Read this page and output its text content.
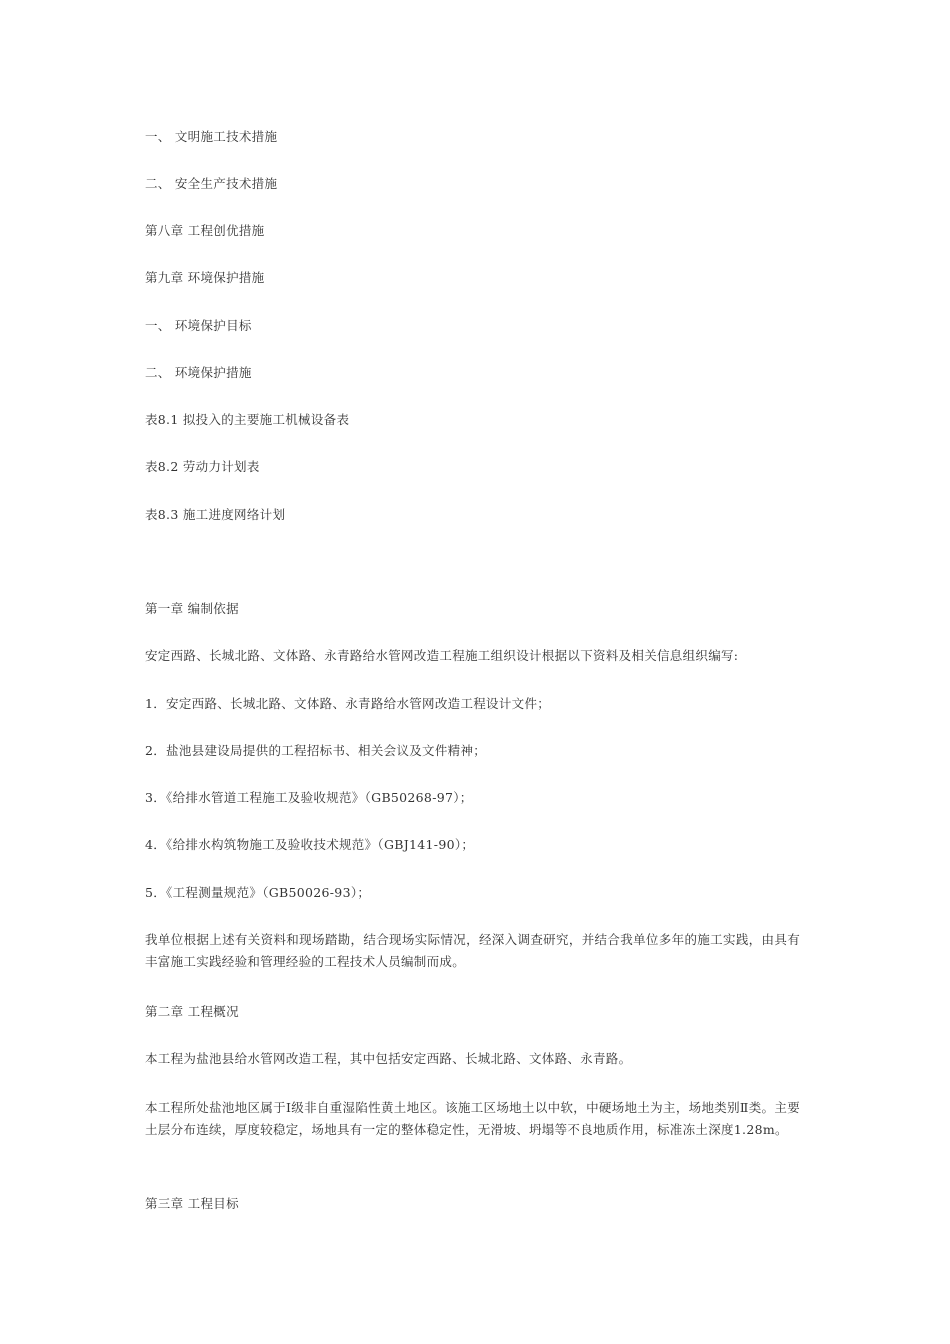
一、 文明施工技术措施
二、 安全生产技术措施
第八章 工程创优措施
第九章 环境保护措施
一、 环境保护目标
二、 环境保护措施
表8.1 拟投入的主要施工机械设备表
表8.2 劳动力计划表
表8.3 施工进度网络计划
第一章 编制依据
安定西路、长城北路、文体路、永青路给水管网改造工程施工组织设计根据以下资料及相关信息组织编写:
1．安定西路、长城北路、文体路、永青路给水管网改造工程设计文件；
2．盐池县建设局提供的工程招标书、相关会议及文件精神；
3．《给排水管道工程施工及验收规范》（GB50268-97）；
4．《给排水构筑物施工及验收技术规范》（GBJ141-90）；
5．《工程测量规范》（GB50026-93）；
我单位根据上述有关资料和现场踏勘，结合现场实际情况，经深入调查研究，并结合我单位多年的施工实践，由具有丰富施工实践经验和管理经验的工程技术人员编制而成。
第二章 工程概况
本工程为盐池县给水管网改造工程，其中包括安定西路、长城北路、文体路、永青路。
本工程所处盐池地区属于Ⅰ级非自重湿陷性黄土地区。该施工区场地土以中软，中硬场地土为主，场地类别Ⅱ类。主要土层分布连续，厚度较稳定，场地具有一定的整体稳定性，无滑坡、坍塌等不良地质作用，标准冻土深度1.28m。
第三章 工程目标
